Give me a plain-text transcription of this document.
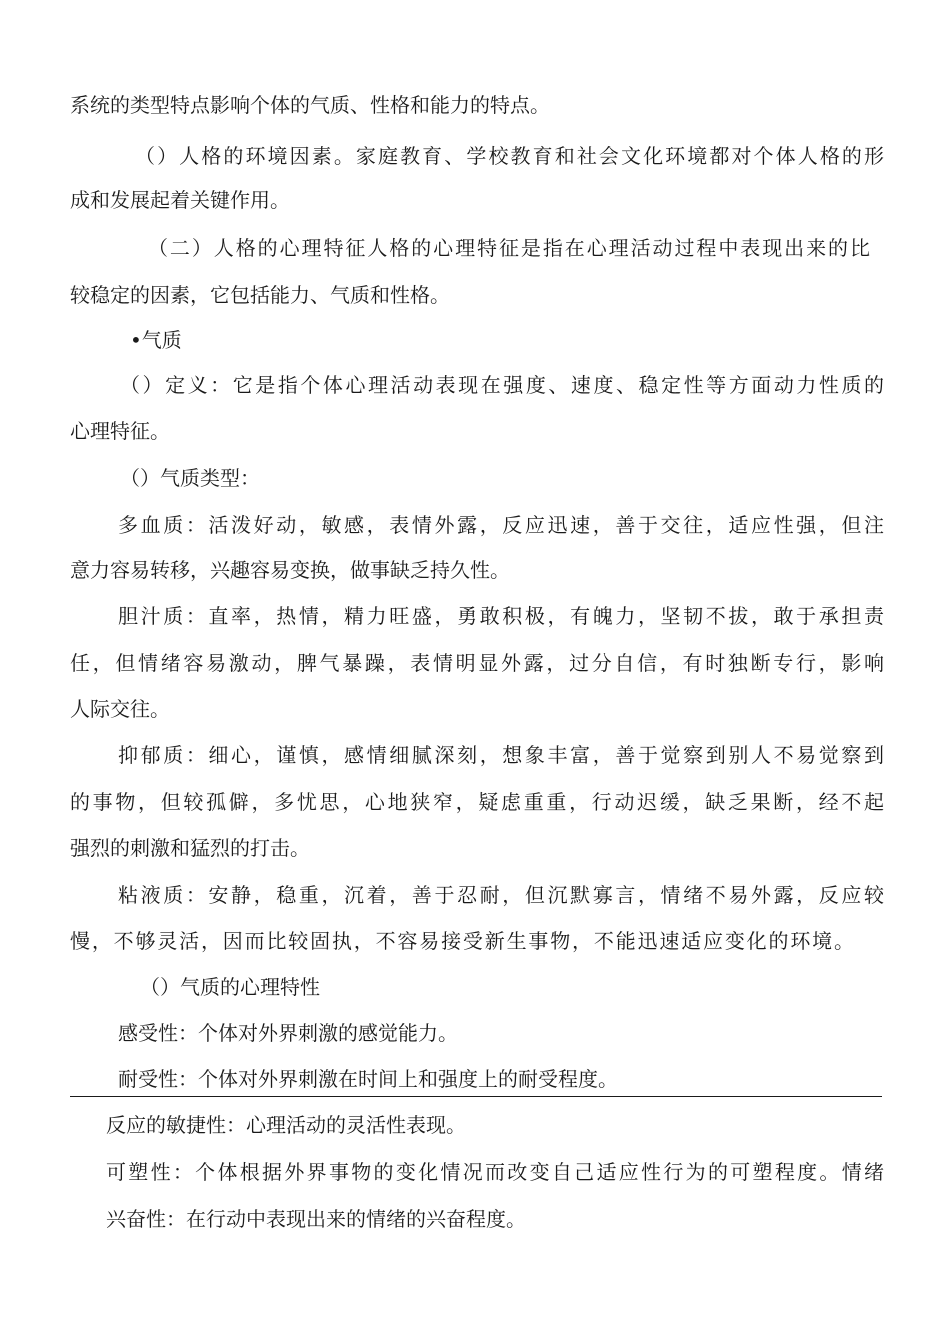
系统的类型特点影响个体的气质、性格和能力的特点。
（）人格的环境因素。家庭教育、学校教育和社会文化环境都对个体人格的形
成和发展起着关键作用。
（二）人格的心理特征人格的心理特征是指在心理活动过程中表现出来的比
较稳定的因素，它包括能力、气质和性格。
•气质
（）定义：它是指个体心理活动表现在强度、速度、稳定性等方面动力性质的
心理特征。
（）气质类型：
多血质：活泼好动，敏感，表情外露，反应迅速，善于交往，适应性强，但注
意力容易转移，兴趣容易变换，做事缺乏持久性。
胆汁质：直率，热情，精力旺盛，勇敢积极，有魄力，坚韧不拔，敢于承担责
任，但情绪容易激动，脾气暴躁，表情明显外露，过分自信，有时独断专行，影响
人际交往。
抑郁质：细心，谨慎，感情细腻深刻，想象丰富，善于觉察到别人不易觉察到
的事物，但较孤僻，多忧思，心地狭窄，疑虑重重，行动迟缓，缺乏果断，经不起
强烈的刺激和猛烈的打击。
粘液质：安静，稳重，沉着，善于忍耐，但沉默寡言，情绪不易外露，反应较
慢，不够灵活，因而比较固执，不容易接受新生事物，不能迅速适应变化的环境。
（）气质的心理特性
感受性：个体对外界刺激的感觉能力。
耐受性：个体对外界刺激在时间上和强度上的耐受程度。
反应的敏捷性：心理活动的灵活性表现。
可塑性：个体根据外界事物的变化情况而改变自己适应性行为的可塑程度。情绪
兴奋性：在行动中表现出来的情绪的兴奋程度。
